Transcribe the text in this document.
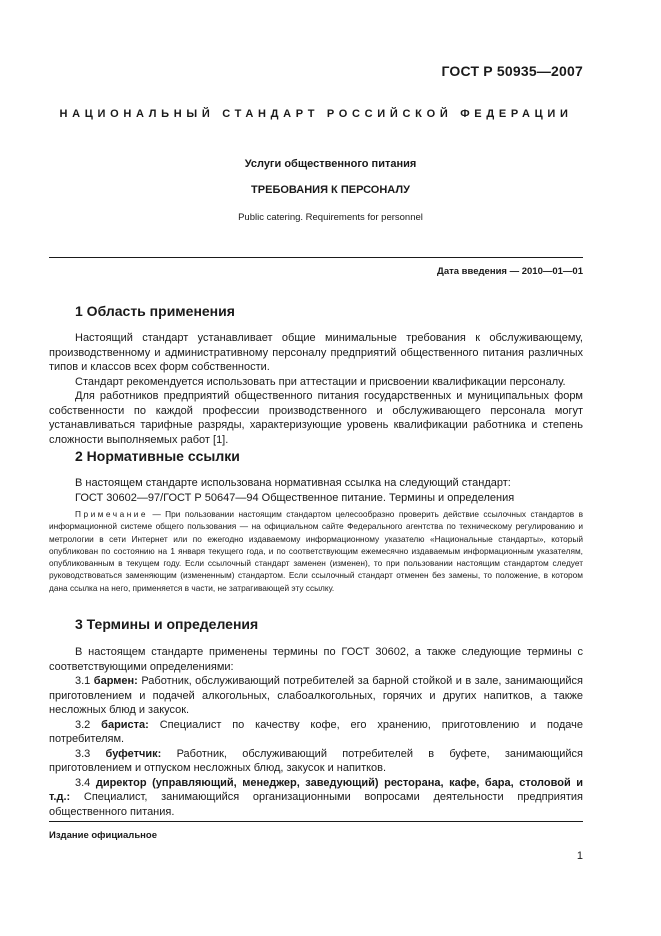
ГОСТ Р 50935—2007
НАЦИОНАЛЬНЫЙ СТАНДАРТ РОССИЙСКОЙ ФЕДЕРАЦИИ
Услуги общественного питания
ТРЕБОВАНИЯ К ПЕРСОНАЛУ
Public catering. Requirements for personnel
Дата введения — 2010—01—01
1 Область применения

Настоящий стандарт устанавливает общие минимальные требования к обслуживающему, производственному и административному персоналу предприятий общественного питания различных типов и классов всех форм собственности.

Стандарт рекомендуется использовать при аттестации и присвоении квалификации персоналу.

Для работников предприятий общественного питания государственных и муниципальных форм собственности по каждой профессии производственного и обслуживающего персонала могут устанавливаться тарифные разряды, характеризующие уровень квалификации работника и степень сложности выполняемых работ [1].

2 Нормативные ссылки

В настоящем стандарте использована нормативная ссылка на следующий стандарт:

ГОСТ 30602—97/ГОСТ Р 50647—94 Общественное питание. Термины и определения

Примечание — При пользовании настоящим стандартом целесообразно проверить действие ссылочных стандартов в информационной системе общего пользования — на официальном сайте Федерального агентства по техническому регулированию и метрологии в сети Интернет или по ежегодно издаваемому информационному указателю «Национальные стандарты», который опубликован по состоянию на 1 января текущего года, и по соответствующим ежемесячно издаваемым информационным указателям, опубликованным в текущем году. Если ссылочный стандарт заменен (изменен), то при пользовании настоящим стандартом следует руководствоваться заменяющим (измененным) стандартом. Если ссылочный стандарт отменен без замены, то положение, в котором дана ссылка на него, применяется в части, не затрагивающей эту ссылку.

3 Термины и определения

В настоящем стандарте применены термины по ГОСТ 30602, а также следующие термины с соответствующими определениями:

3.1 бармен: Работник, обслуживающий потребителей за барной стойкой и в зале, занимающийся приготовлением и подачей алкогольных, слабоалкогольных, горячих и других напитков, а также несложных блюд и закусок.

3.2 бариста: Специалист по качеству кофе, его хранению, приготовлению и подаче потребителям.

3.3 буфетчик: Работник, обслуживающий потребителей в буфете, занимающийся приготовлением и отпуском несложных блюд, закусок и напитков.

3.4 директор (управляющий, менеджер, заведующий) ресторана, кафе, бара, столовой и т.д.: Специалист, занимающийся организационными вопросами деятельности предприятия общественного питания.

Издание официальное
1
